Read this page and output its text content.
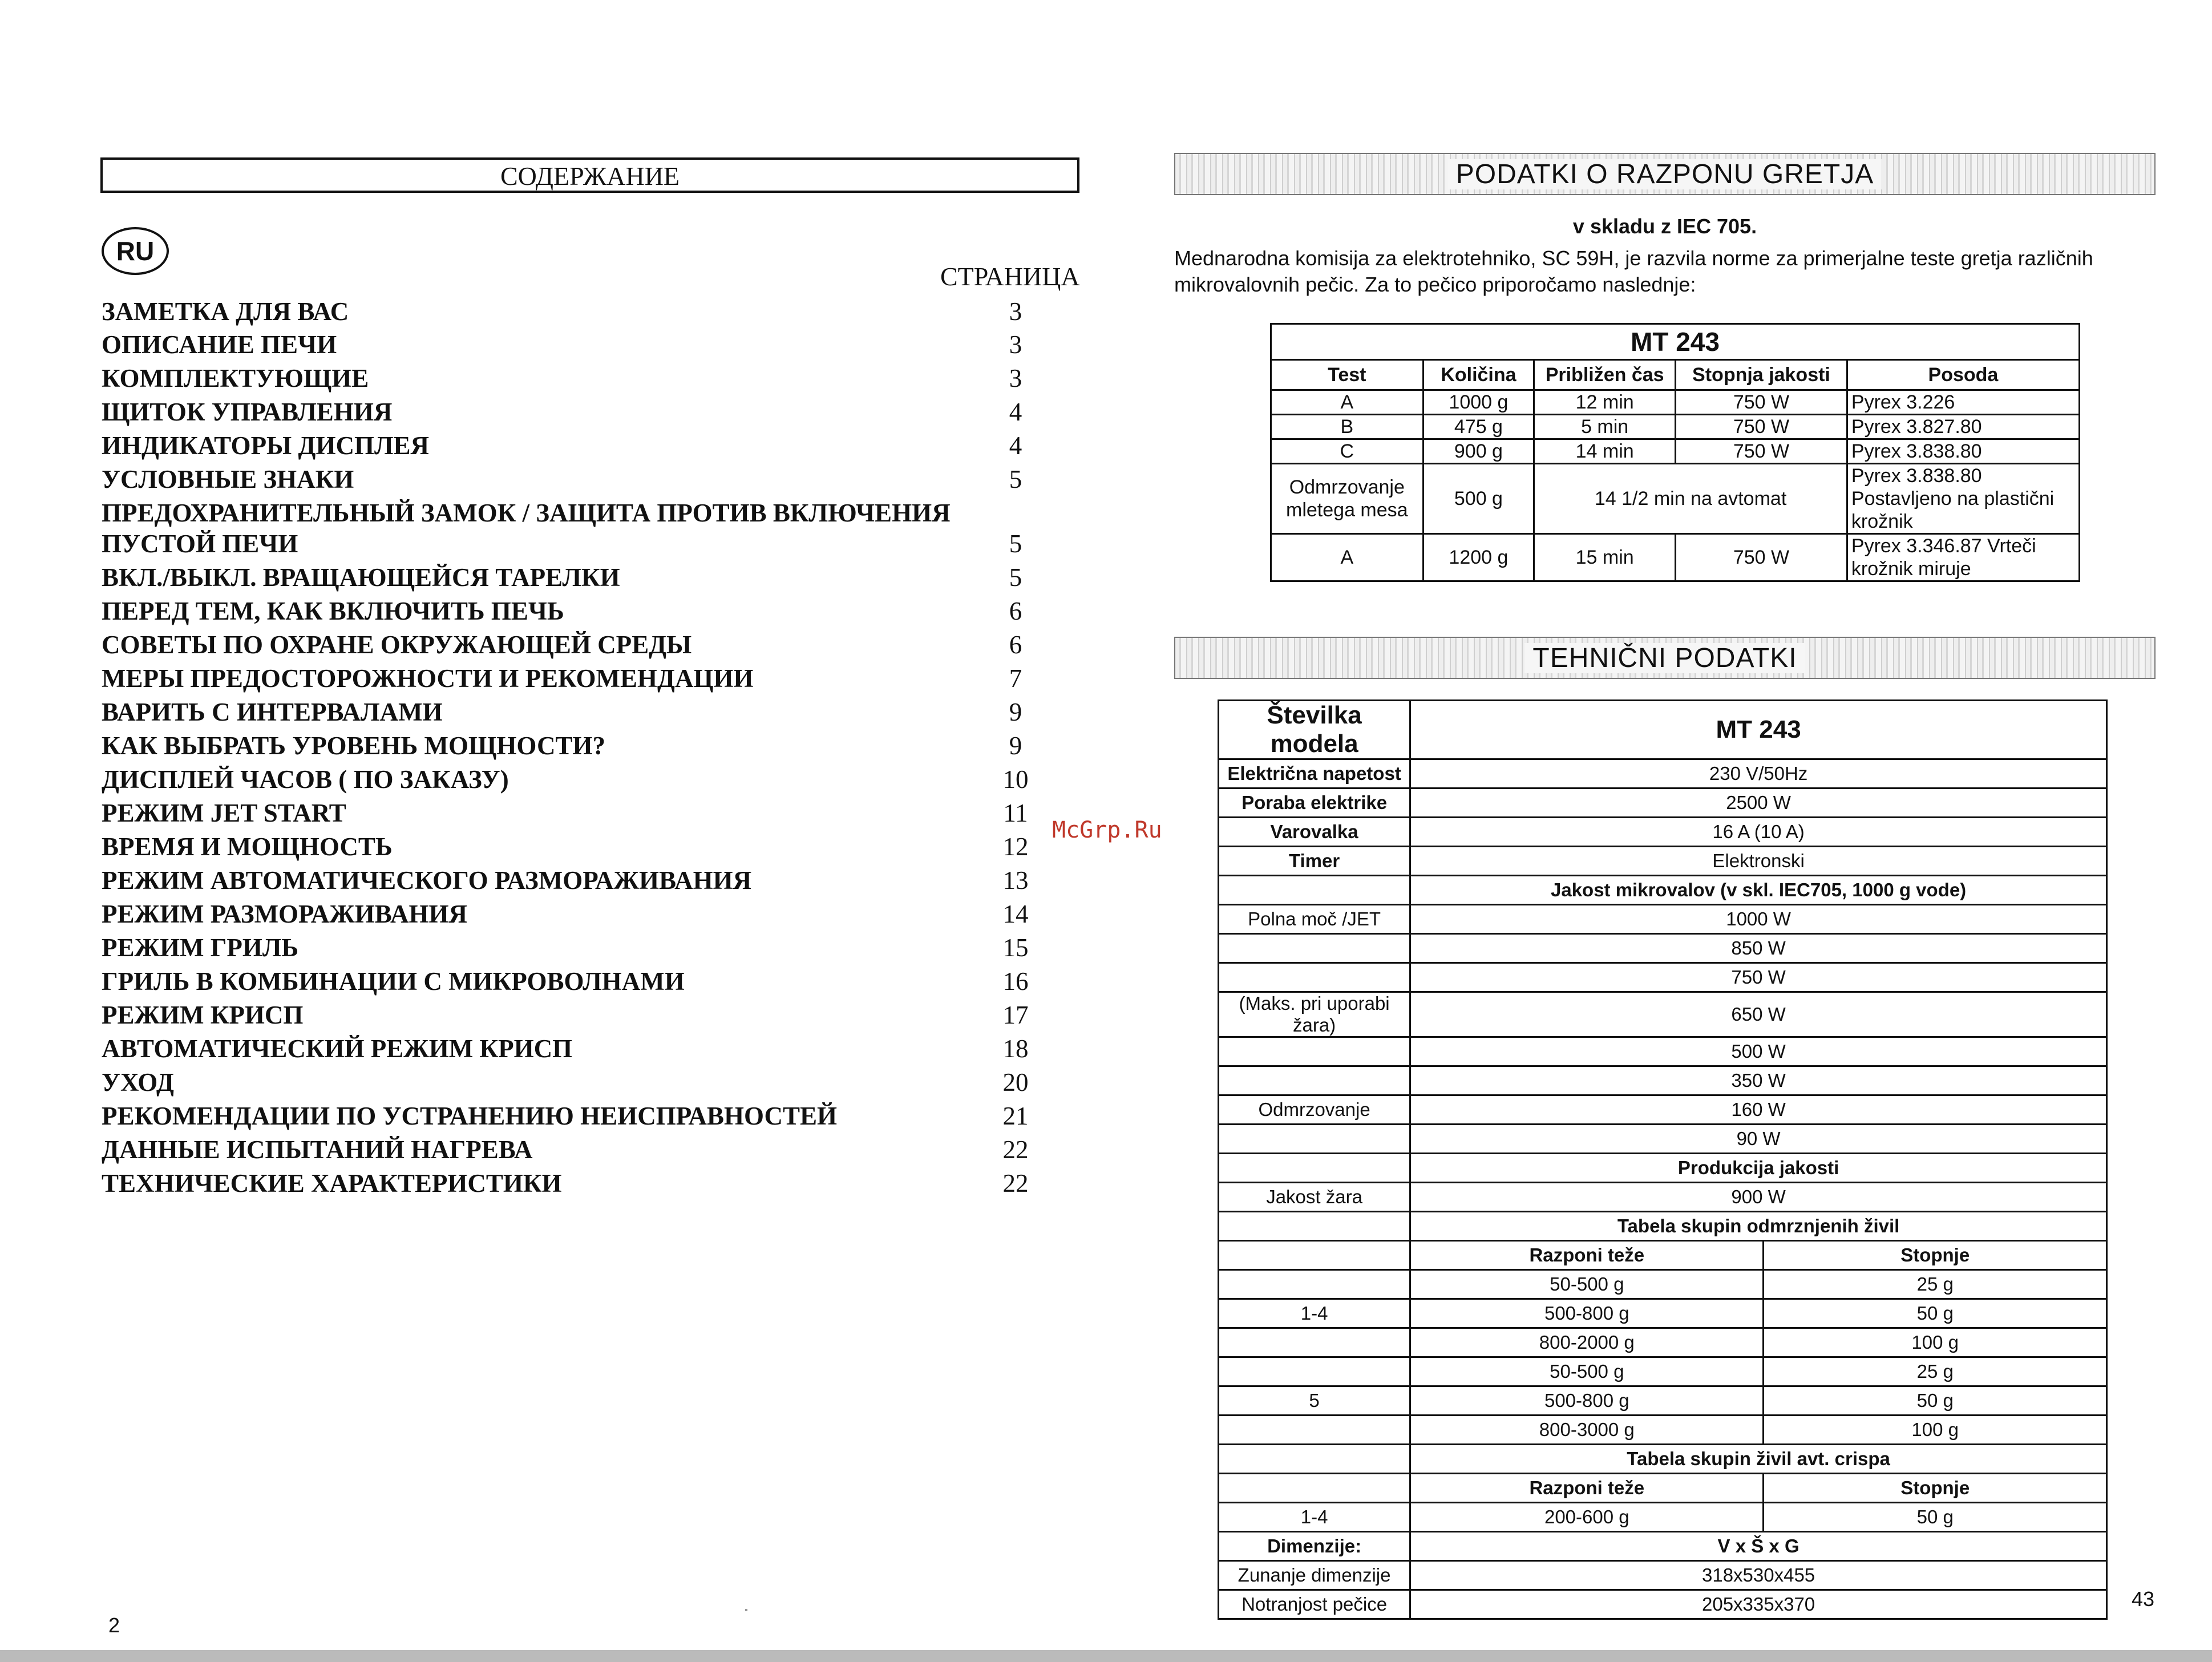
СОДЕРЖАНИЕ
RU
СТРАНИЦА
ЗАМЕТКА ДЛЯ ВАС	3
ОПИСАНИЕ ПЕЧИ	3
КОМПЛЕКТУЮЩИЕ	3
ЩИТОК УПРАВЛЕНИЯ	4
ИНДИКАТОРЫ ДИСПЛЕЯ	4
УСЛОВНЫЕ ЗНАКИ	5
ПРЕДОХРАНИТЕЛЬНЫЙ ЗАМОК / ЗАЩИТА ПРОТИВ ВКЛЮЧЕНИЯ
ПУСТОЙ ПЕЧИ	5
ВКЛ./ВЫКЛ. ВРАЩАЮЩЕЙСЯ ТАРЕЛКИ	5
ПЕРЕД ТЕМ, КАК ВКЛЮЧИТЬ ПЕЧЬ	6
СОВЕТЫ ПО ОХРАНЕ ОКРУЖАЮЩЕЙ СРЕДЫ	6
МЕРЫ ПРЕДОСТОРОЖНОСТИ И РЕКОМЕНДАЦИИ	7
ВАРИТЬ С ИНТЕРВАЛАМИ	9
КАК ВЫБРАТЬ УРОВЕНЬ МОЩНОСТИ?	9
ДИСПЛЕЙ ЧАСОВ ( ПО ЗАКАЗУ)	10
РЕЖИМ JET START	11
ВРЕМЯ И МОЩНОСТЬ	12
РЕЖИМ АВТОМАТИЧЕСКОГО РАЗМОРАЖИВАНИЯ	13
РЕЖИМ РАЗМОРАЖИВАНИЯ	14
РЕЖИМ ГРИЛЬ	15
ГРИЛЬ В КОМБИНАЦИИ С МИКРОВОЛНАМИ	16
РЕЖИМ КРИСП	17
АВТОМАТИЧЕСКИЙ РЕЖИМ КРИСП	18
УХОД	20
РЕКОМЕНДАЦИИ ПО УСТРАНЕНИЮ НЕИСПРАВНОСТЕЙ	21
ДАННЫЕ ИСПЫТАНИЙ НАГРЕВА	22
ТЕХНИЧЕСКИЕ ХАРАКТЕРИСТИКИ	22
2
PODATKI O RAZPONU GRETJA
v skladu z IEC 705.
Mednarodna komisija za elektrotehniko, SC 59H, je razvila norme za primerjalne teste gretja različnih mikrovalovnih pečic. Za to pečico priporočamo naslednje:
MT 243				
Test	Količina	Približen čas	Stopnja jakosti	Posoda
A	1000 g	12 min	750 W	Pyrex 3.226
B	475 g	5 min	750 W	Pyrex 3.827.80
C	900 g	14 min	750 W	Pyrex 3.838.80
Odmrzovanje mletega mesa	500 g	14 1/2 min na avtomat		Pyrex 3.838.80 Postavljeno na plastični krožnik
A	1200 g	15 min	750 W	Pyrex 3.346.87 Vrteči krožnik miruje
TEHNIČNI PODATKI
Številka modela	MT 243	
Električna napetost	230 V/50Hz	
Poraba elektrike	2500 W	
Varovalka	16 A (10 A)	
Timer	Elektronski	
	Jakost mikrovalov (v skl. IEC705, 1000 g vode)	
Polna moč /JET	1000 W	
	850 W	
	750 W	
(Maks. pri uporabi žara)	650 W	
	500 W	
	350 W	
Odmrzovanje	160 W	
	90 W	
	Produkcija jakosti	
Jakost žara	900 W	
	Tabela skupin odmrznjenih živil	
	Razponi teže	Stopnje
	50-500 g	25 g
1-4	500-800 g	50 g
	800-2000 g	100 g
	50-500 g	25 g
5	500-800 g	50 g
	800-3000 g	100 g
	Tabela skupin živil avt. crispa	
	Razponi teže	Stopnje
1-4	200-600 g	50 g
Dimenzije:	V x Š x G	
Zunanje dimenzije	318x530x455	
Notranjost pečice	205x335x370	
McGrp.Ru
43
